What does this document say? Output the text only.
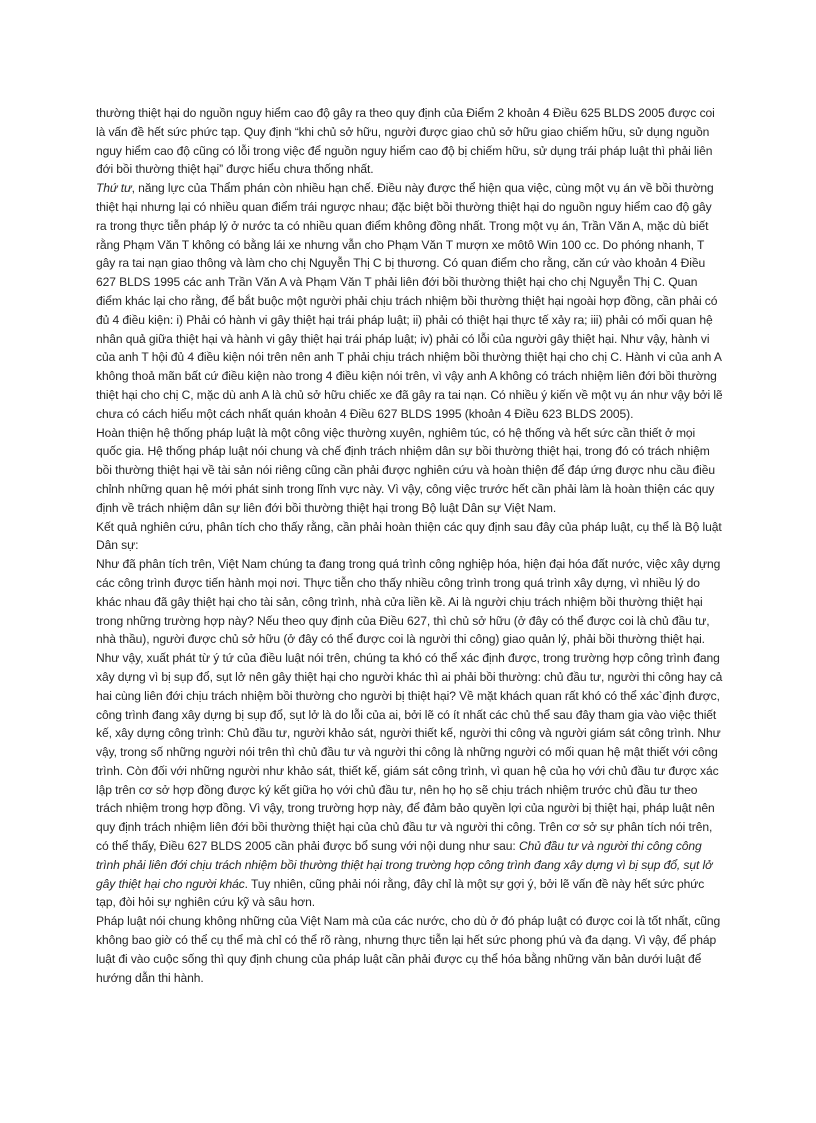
thường thiệt hại do nguồn nguy hiểm cao độ gây ra theo quy định của Điểm 2 khoản 4 Điều 625 BLDS 2005 được coi là vấn đề hết sức phức tạp. Quy định “khi chủ sở hữu, người được giao chủ sở hữu giao chiếm hữu, sử dụng nguồn nguy hiểm cao độ cũng có lỗi trong việc để nguồn nguy hiểm cao độ bị chiếm hữu, sử dụng trái pháp luật thì phải liên đới bồi thường thiệt hại” được hiểu chưa thống nhất.

Thứ tư, năng lực của Thẩm phán còn nhiều hạn chế. Điều này được thể hiện qua việc, cùng một vụ án về bồi thường thiệt hại nhưng lại có nhiều quan điểm trái ngược nhau; đặc biệt bồi thường thiệt hại do nguồn nguy hiểm cao độ gây ra trong thực tiễn pháp lý ở nước ta có nhiều quan điểm không đồng nhất. Trong một vụ án, Trần Văn A, mặc dù biết rằng Phạm Văn T không có bằng lái xe nhưng vẫn cho Phạm Văn T mượn xe môtô Win 100 cc. Do phóng nhanh, T gây ra tai nạn giao thông và làm cho chị Nguyễn Thị C bị thương. Có quan điểm cho rằng, căn cứ vào khoản 4 Điều 627 BLDS 1995 các anh Trần Văn A và Phạm Văn T phải liên đới bồi thường thiệt hại cho chị Nguyễn Thị C. Quan điểm khác lại cho rằng, để bắt buộc một người phải chịu trách nhiệm bồi thường thiệt hại ngoài hợp đồng, cần phải có đủ 4 điều kiện: i) Phải có hành vi gây thiệt hại trái pháp luật; ii) phải có thiệt hại thực tế xảy ra; iii) phải có mối quan hệ nhân quả giữa thiệt hại và hành vi gây thiệt hại trái pháp luật; iv) phải có lỗi của người gây thiệt hại. Như vậy, hành vi của anh T hội đủ 4 điều kiện nói trên nên anh T phải chịu trách nhiệm bồi thường thiệt hại cho chị C. Hành vi của anh A không thoả mãn bất cứ điều kiện nào trong 4 điều kiện nói trên, vì vậy anh A không có trách nhiệm liên đới bồi thường thiệt hại cho chị C, mặc dù anh A là chủ sở hữu chiếc xe đã gây ra tai nạn. Có nhiều ý kiến về một vụ án như vậy bởi lẽ chưa có cách hiểu một cách nhất quán khoản 4 Điều 627 BLDS 1995 (khoản 4 Điều 623 BLDS 2005).

Hoàn thiện hệ thống pháp luật là một công việc thường xuyên, nghiêm túc, có hệ thống và hết sức cần thiết ở mọi quốc gia. Hệ thống pháp luật nói chung và chế định trách nhiệm dân sự bồi thường thiệt hại, trong đó có trách nhiệm bồi thường thiệt hại về tài sản nói riêng cũng cần phải được nghiên cứu và hoàn thiện để đáp ứng được nhu cầu điều chỉnh những quan hệ mới phát sinh trong lĩnh vực này. Vì vậy, công việc trước hết cần phải làm là hoàn thiện các quy định về trách nhiệm dân sự liên đới bồi thường thiệt hại trong Bộ luật Dân sự Việt Nam.

Kết quả nghiên cứu, phân tích cho thấy rằng, cần phải hoàn thiện các quy định sau đây của pháp luật, cụ thể là Bộ luật Dân sự:

Như đã phân tích trên, Việt Nam chúng ta đang trong quá trình công nghiệp hóa, hiện đại hóa đất nước, việc xây dựng các công trình được tiến hành mọi nơi. Thực tiễn cho thấy nhiều công trình trong quá trình xây dựng, vì nhiều lý do khác nhau đã gây thiệt hại cho tài sản, công trình, nhà cửa liền kề. Ai là người chịu trách nhiệm bồi thường thiệt hại trong những trường hợp này? Nếu theo quy định của Điều 627, thì chủ sở hữu (ở đây có thể được coi là chủ đầu tư, nhà thầu), người được chủ sở hữu (ở đây có thể được coi là người thi công) giao quản lý, phải bồi thường thiệt hại. Như vậy, xuất phát từ ý tứ của điều luật nói trên, chúng ta khó có thể xác định được, trong trường hợp công trình đang xây dựng vì bị sụp đổ, sụt lở nên gây thiệt hại cho người khác thì ai phải bồi thường: chủ đầu tư, người thi công hay cả hai cùng liên đới chịu trách nhiệm bồi thường cho người bị thiệt hại? Về mặt khách quan rất khó có thể xác`định được, công trình đang xây dựng bị sụp đổ, sụt lở là do lỗi của ai, bởi lẽ có ít nhất các chủ thể sau đây tham gia vào việc thiết kế, xây dựng công trình: Chủ đầu tư, người khảo sát, người thiết kế, người thi công và người giám sát công trình. Như vậy, trong số những người nói trên thì chủ đầu tư và người thi công là những người có mối quan hệ mật thiết với công trình. Còn đối với những người như khảo sát, thiết kế, giám sát công trình, vì quan hệ của họ với chủ đầu tư được xác lập trên cơ sở hợp đồng được ký kết giữa họ với chủ đầu tư, nên họ họ sẽ chịu trách nhiệm trước chủ đầu tư theo trách nhiệm trong hợp đồng. Vì vậy, trong trường hợp này, để đảm bảo quyền lợi của người bị thiệt hại, pháp luật nên quy định trách nhiệm liên đới bồi thường thiệt hại của chủ đầu tư và người thi công. Trên cơ sở sự phân tích nói trên, có thể thấy, Điều 627 BLDS 2005 cần phải được bổ sung với nội dung như sau: Chủ đầu tư và người thi công công trình phải liên đới chịu trách nhiệm bồi thường thiệt hại trong trường hợp công trình đang xây dựng vì bị sụp đổ, sụt lở gây thiệt hại cho người khác. Tuy nhiên, cũng phải nói rằng, đây chỉ là một sự gợi ý, bởi lẽ vấn đề này hết sức phức tạp, đòi hỏi sự nghiên cứu kỹ và sâu hơn.

Pháp luật nói chung không những của Việt Nam mà của các nước, cho dù ở đó pháp luật có được coi là tốt nhất, cũng không bao giờ có thể cụ thể mà chỉ có thể rõ ràng, nhưng thực tiễn lại hết sức phong phú và đa dạng. Vì vậy, để pháp luật đi vào cuộc sống thì quy định chung của pháp luật cần phải được cụ thể hóa bằng những văn bản dưới luật để hướng dẫn thi hành.
